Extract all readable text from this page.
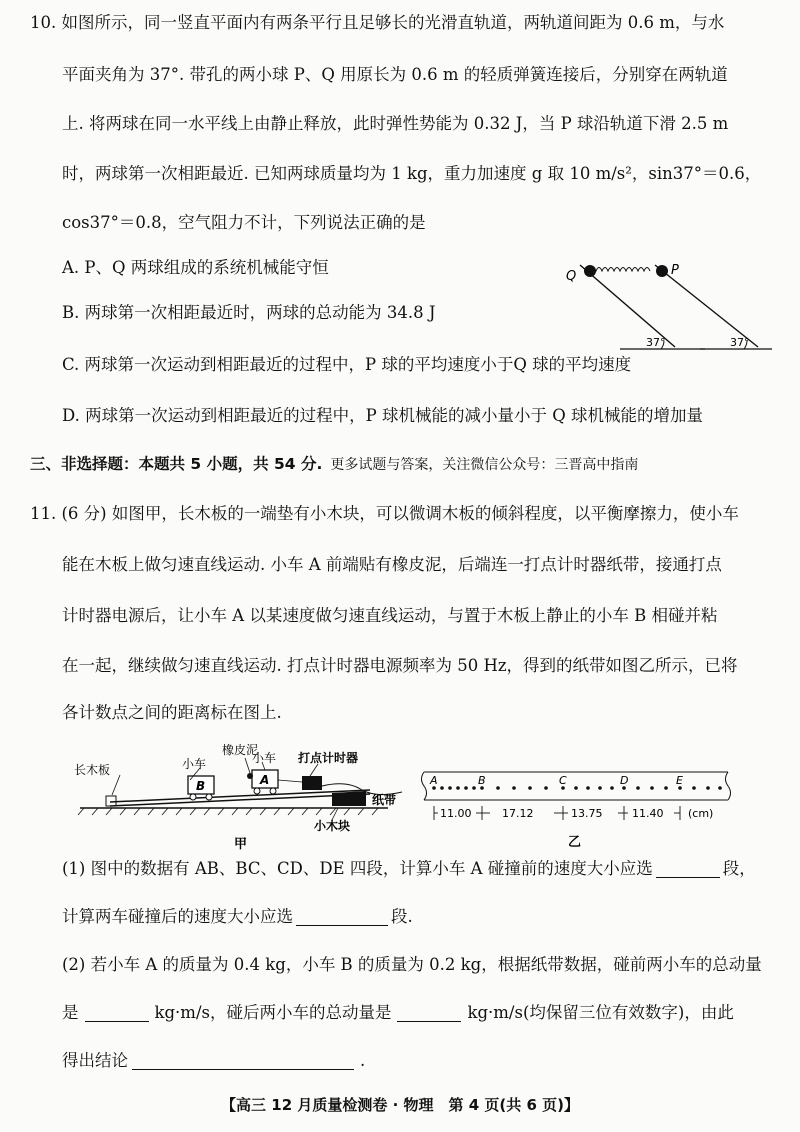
10. 如图所示，同一竖直平面内有两条平行且足够长的光滑直轨道，两轨道间距为 0.6 m，与水
平面夹角为 37°. 带孔的两小球 P、Q 用原长为 0.6 m 的轻质弹簧连接后，分别穿在两轨道
上. 将两球在同一水平线上由静止释放，此时弹性势能为 0.32 J，当 P 球沿轨道下滑 2.5 m
时，两球第一次相距最近. 已知两球质量均为 1 kg，重力加速度 g 取 10 m/s²，sin37°＝0.6，
cos37°＝0.8，空气阻力不计，下列说法正确的是
A. P、Q 两球组成的系统机械能守恒
B. 两球第一次相距最近时，两球的总动能为 34.8 J
C. 两球第一次运动到相距最近的过程中，P 球的平均速度小于Q 球的平均速度
D. 两球第一次运动到相距最近的过程中，P 球机械能的减小量小于 Q 球机械能的增加量
Q	P
37°	37°
三、非选择题：本题共 5 小题，共 54 分. 更多试题与答案，关注微信公众号：三晋高中指南
11. (6 分) 如图甲，长木板的一端垫有小木块，可以微调木板的倾斜程度，以平衡摩擦力，使小车
能在木板上做匀速直线运动. 小车 A 前端贴有橡皮泥，后端连一打点计时器纸带，接通打点
计时器电源后，让小车 A 以某速度做匀速直线运动，与置于木板上静止的小车 B 相碰并粘
在一起，继续做匀速直线运动. 打点计时器电源频率为 50 Hz，得到的纸带如图乙所示，已将
各计数点之间的距离标在图上.
B	A
长木板	小车
橡皮泥
小车 打点计时器
纸带
小木块
甲
A	B	C	D	E
11.00	17.12	13.75	11.40 (cm)
乙
(1) 图中的数据有 AB、BC、CD、DE 四段，计算小车 A 碰撞前的速度大小应选	段，
计算两车碰撞后的速度大小应选	段.
(2) 若小车 A 的质量为 0.4 kg，小车 B 的质量为 0.2 kg，根据纸带数据，碰前两小车的总动量
是	kg·m/s，碰后两小车的总动量是	kg·m/s(均保留三位有效数字)，由此
得出结论	.
【高三 12 月质量检测卷 · 物理　第 4 页(共 6 页)】
